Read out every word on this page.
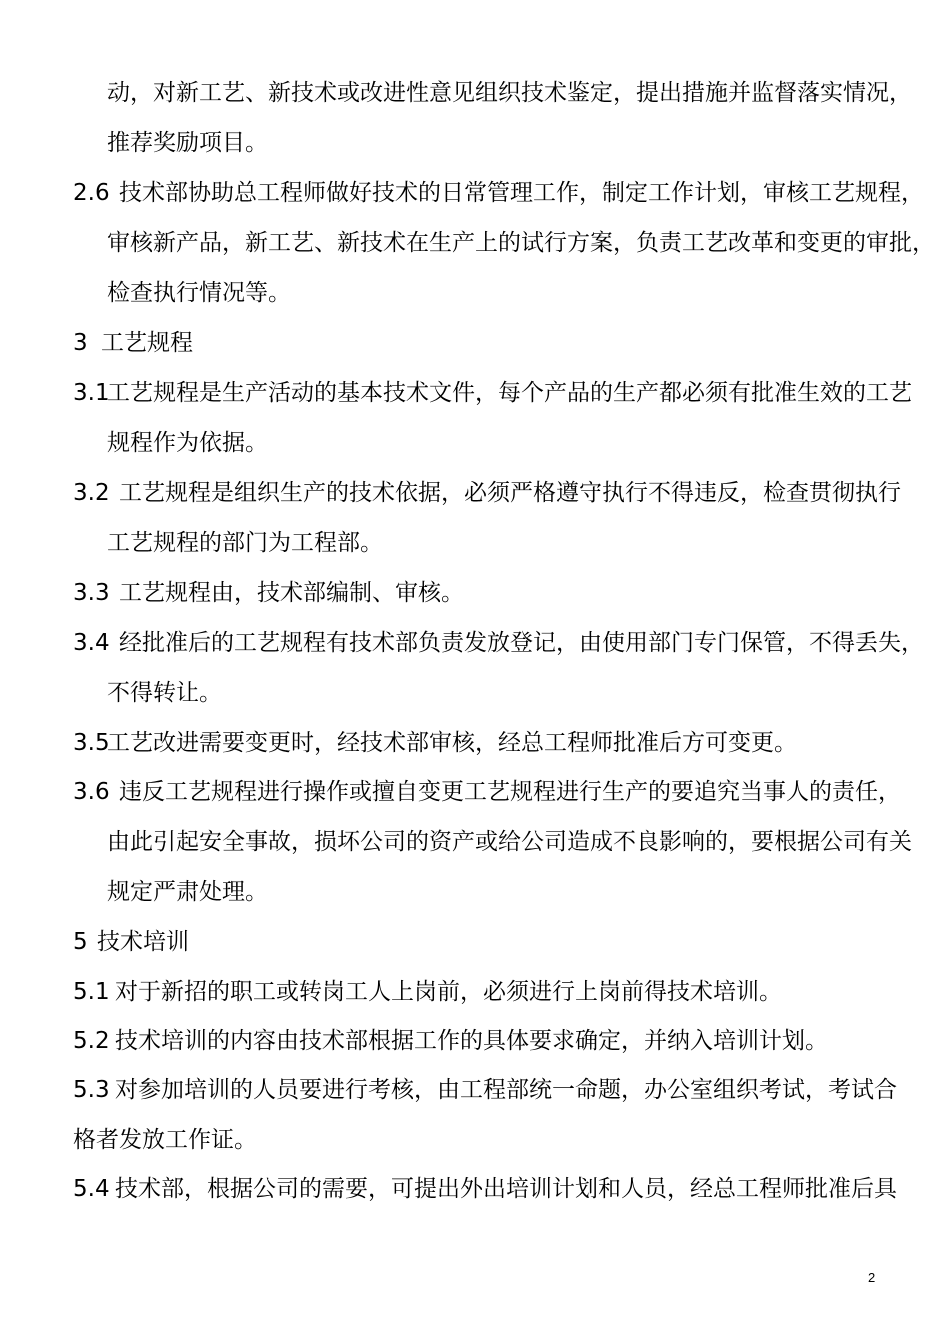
动，对新工艺、新技术或改进性意见组织技术鉴定，提出措施并监督落实情况，
推荐奖励项目。
2.6 技术部协助总工程师做好技术的日常管理工作，制定工作计划，审核工艺规程，
审核新产品，新工艺、新技术在生产上的试行方案，负责工艺改革和变更的审批，
检查执行情况等。
3 工艺规程
3.1
工艺规程是生产活动的基本技术文件，每个产品的生产都必须有批准生效的工艺
规程作为依据。
3.2 工艺规程是组织生产的技术依据，必须严格遵守执行不得违反，检查贯彻执行
工艺规程的部门为工程部。
3.3 工艺规程由，技术部编制、审核。
3.4 经批准后的工艺规程有技术部负责发放登记，由使用部门专门保管，不得丢失，
不得转让。
3.5
工艺改进需要变更时，经技术部审核，经总工程师批准后方可变更。
3.6 违反工艺规程进行操作或擅自变更工艺规程进行生产的要追究当事人的责任，
由此引起安全事故，损坏公司的资产或给公司造成不良影响的，要根据公司有关
规定严肃处理。
5 技术培训
5.1 对于新招的职工或转岗工人上岗前，必须进行上岗前得技术培训。
5.2 技术培训的内容由技术部根据工作的具体要求确定，并纳入培训计划。
5.3 对参加培训的人员要进行考核，由工程部统一命题，办公室组织考试，考试合
格者发放工作证。
5.4 技术部，根据公司的需要，可提出外出培训计划和人员，经总工程师批准后具
2
